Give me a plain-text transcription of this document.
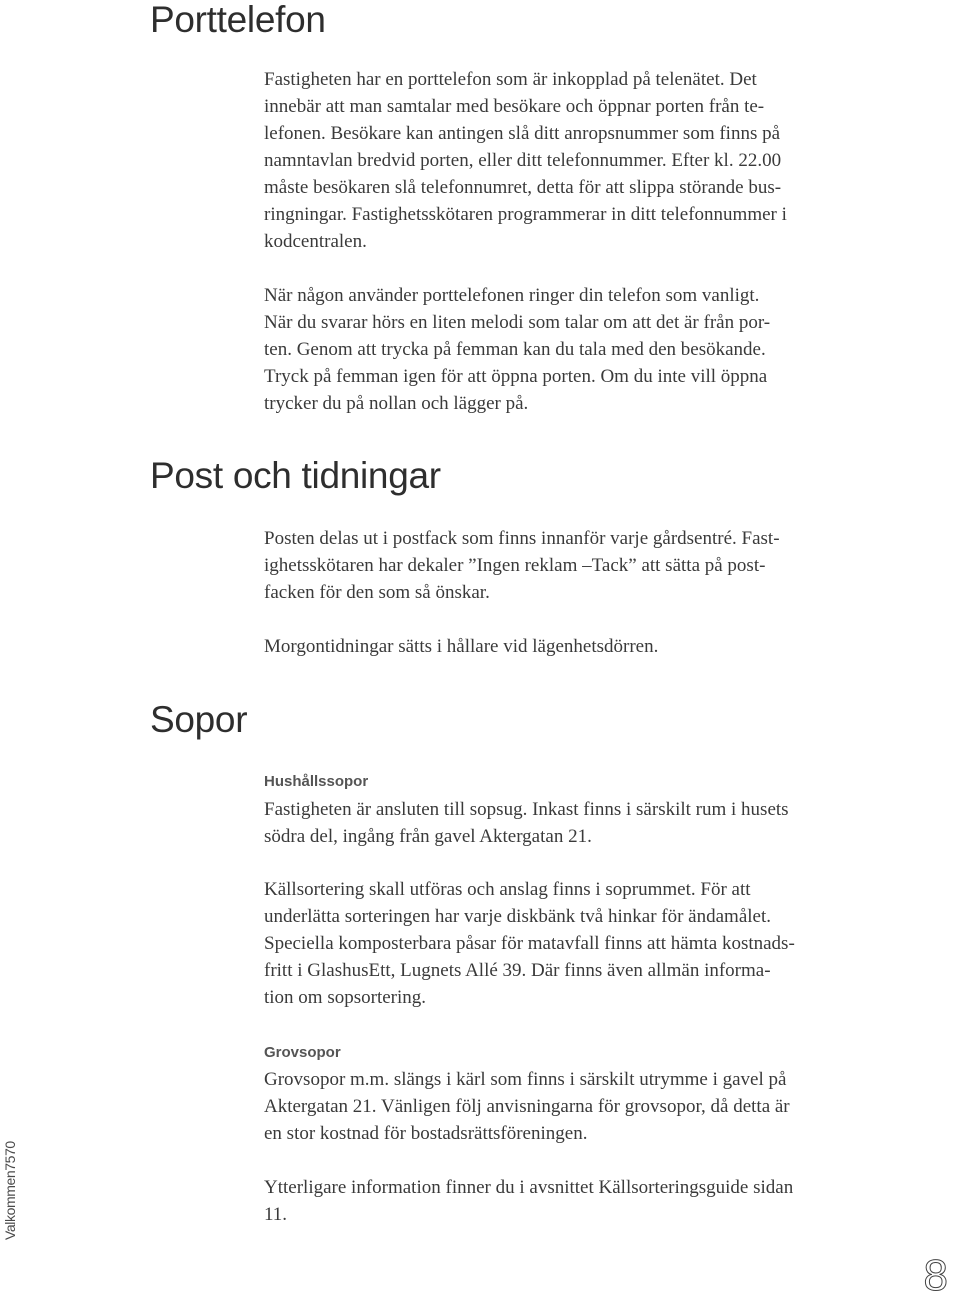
Porttelefon
Fastigheten har en porttelefon som är inkopplad på telenätet. Det
innebär att man samtalar med besökare och öppnar porten från te-
lefonen. Besökare kan antingen slå ditt anropsnummer som finns på
namntavlan bredvid porten, eller ditt telefonnummer. Efter kl. 22.00
måste besökaren slå telefonnumret, detta för att slippa störande bus-
ringningar. Fastighetsskötaren programmerar in ditt telefonnummer i
kodcentralen.
När någon använder porttelefonen ringer din telefon som vanligt.
När du svarar hörs en liten melodi som talar om att det är från por-
ten. Genom att trycka på femman kan du tala med den besökande.
Tryck på femman igen för att öppna porten. Om du inte vill öppna
trycker du på nollan och lägger på.
Post och tidningar
Posten delas ut i postfack som finns innanför varje gårdsentré. Fast-
ighetsskötaren har dekaler ”Ingen reklam –Tack” att sätta på post-
facken för den som så önskar.
Morgontidningar sätts i hållare vid lägenhetsdörren.
Sopor
Hushållssopor
Fastigheten är ansluten till sopsug. Inkast finns i särskilt rum i husets
södra del, ingång från gavel Aktergatan 21.
Källsortering skall utföras och anslag finns i soprummet. För att
underlätta sorteringen har varje diskbänk två hinkar för ändamålet.
Speciella komposterbara påsar för matavfall finns att hämta kostnads-
fritt i GlashusEtt, Lugnets Allé 39. Där finns även allmän informa-
tion om sopsortering.
Grovsopor
Grovsopor m.m. slängs i kärl som finns i särskilt utrymme i gavel på
Aktergatan 21. Vänligen följ anvisningarna för grovsopor, då detta är
en stor kostnad för bostadsrättsföreningen.
Ytterligare information finner du i avsnittet Källsorteringsguide sidan
11.
Valkommen7570
8
